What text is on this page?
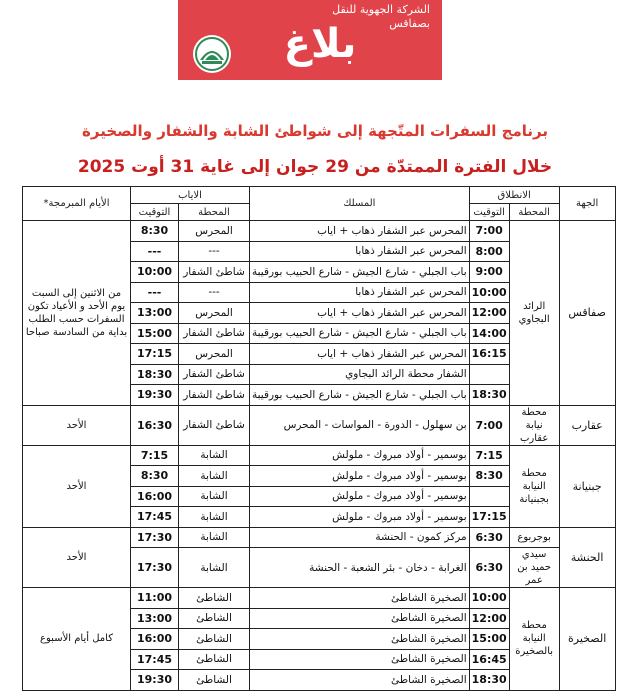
الشركة الجهوية للنقل
بصفاقس
بلاغ
برنامج السفرات المتّجهة إلى شواطئ الشابة والشفار والصخيرة
خلال الفترة الممتدّة من 29 جوان إلى غاية 31 أوت 2025
الجهة	الانطلاق		المسلك	الاياب		الأيام المبرمجة*
	المحطة	التوقيت		المحطة	التوقيت	
صفاقس	الرائد البجاوي	7:00	المحرس عبر الشفار ذهاب + اياب	المحرس	8:30	من الاثنين إلى السبت يوم الأحد و الأعياد تكون السفرات حسب الطلب بداية من السادسة صباحا
		8:00	المحرس عبر الشفار ذهابا	---	---	
		9:00	باب الجبلي - شارع الجيش - شارع الحبيب بورقيبة	شاطئ الشفار	10:00	
		10:00	المحرس عبر الشفار ذهابا	---	---	
		12:00	المحرس عبر الشفار ذهاب + اياب	المحرس	13:00	
		14:00	باب الجبلي - شارع الجيش - شارع الحبيب بورقيبة	شاطئ الشفار	15:00	
		16:15	المحرس عبر الشفار ذهاب + اياب	المحرس	17:15	
			الشفار محطة الرائد البجاوي	شاطئ الشفار	18:30	
		18:30	باب الجبلي - شارع الجيش - شارع الحبيب بورقيبة	شاطئ الشفار	19:30	
عقارب	محطة نيابة عقارب	7:00	بن سهلول - الدورة - المواسات - المحرس	شاطئ الشفار	16:30	الأحد
جبنيانة	محطة النيابة بجبنيانة	7:15	بوسمير - أولاد مبروك - ملولش	الشابة	7:15	الأحد
		8:30	بوسمير - أولاد مبروك - ملولش	الشابة	8:30	
			بوسمير - أولاد مبروك - ملولش	الشابة	16:00	
		17:15	بوسمير - أولاد مبروك - ملولش	الشابة	17:45	
الحنشة	بوجربوع	6:30	مركز كمون - الحنشة	الشابة	17:30	الأحد
	سيدي حميد بن عمر	6:30	الغرابة - دخان - بئر الشعبة - الحنشة	الشابة	17:30	
الصخيرة	محطة النيابة بالصخيرة	10:00	الصخيرة الشاطئ	الشاطئ	11:00	كامل أيام الأسبوع
		12:00	الصخيرة الشاطئ	الشاطئ	13:00	
		15:00	الصخيرة الشاطئ	الشاطئ	16:00	
		16:45	الصخيرة الشاطئ	الشاطئ	17:45	
		18:30	الصخيرة الشاطئ	الشاطئ	19:30	
